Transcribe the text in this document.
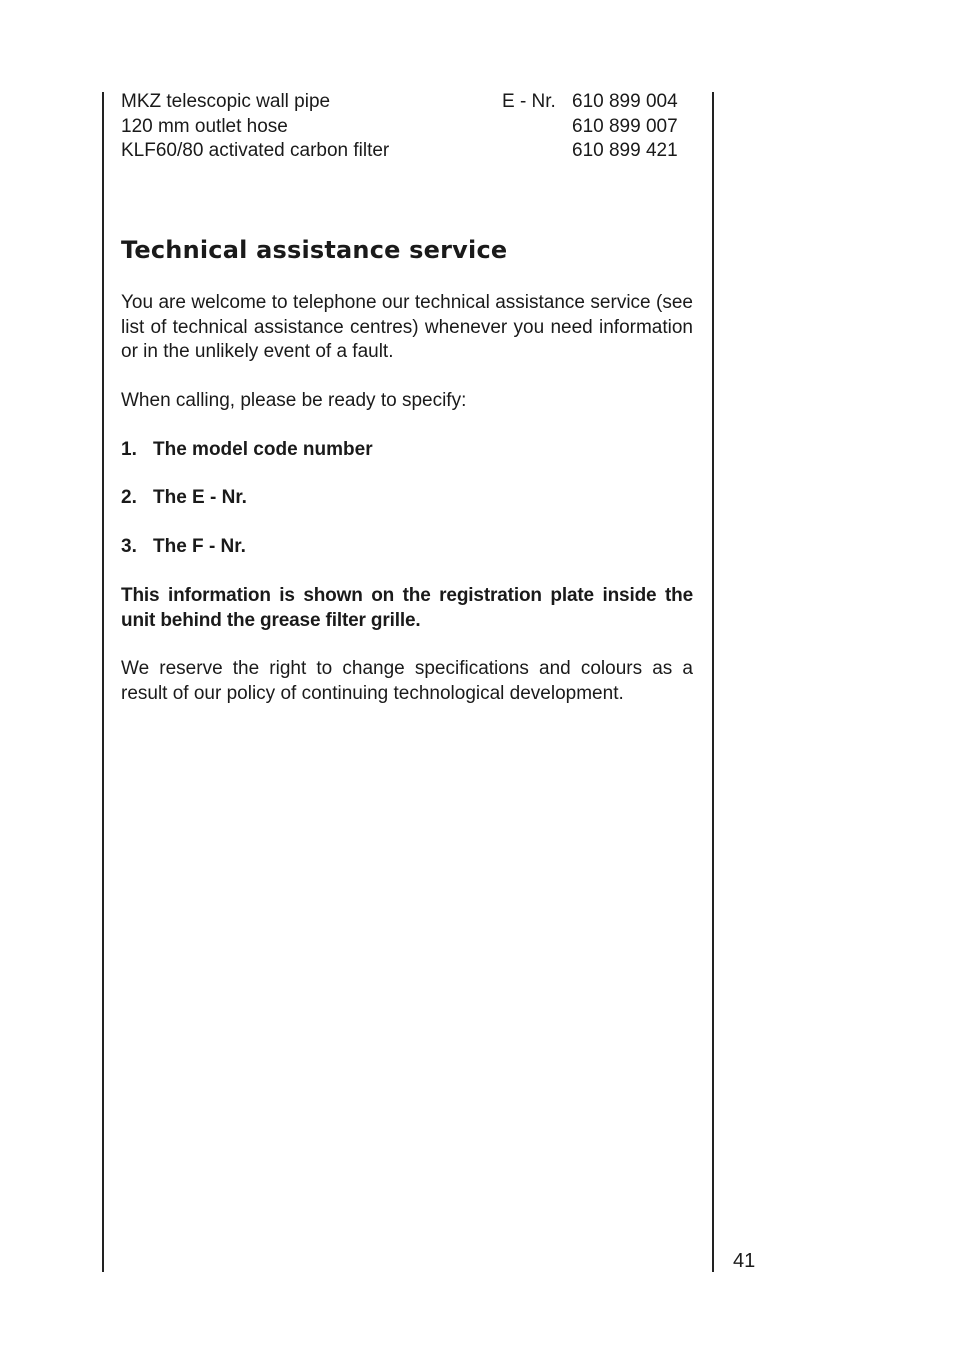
MKZ telescopic wall pipe	E - Nr. 610 899 004
120 mm outlet hose	610 899 007
KLF60/80 activated carbon filter	610 899 421
Technical assistance service

You are welcome to telephone our technical assistance service (see list of technical assistance centres) whenever you need information or in the unlikely event of a fault.

When calling, please be ready to specify:

1. The model code number

2. The E - Nr.

3. The F - Nr.

This information is shown on the registration plate inside the unit behind the grease filter grille.

We reserve the right to change specifications and colours as a result of our policy of continuing technological development.

41
